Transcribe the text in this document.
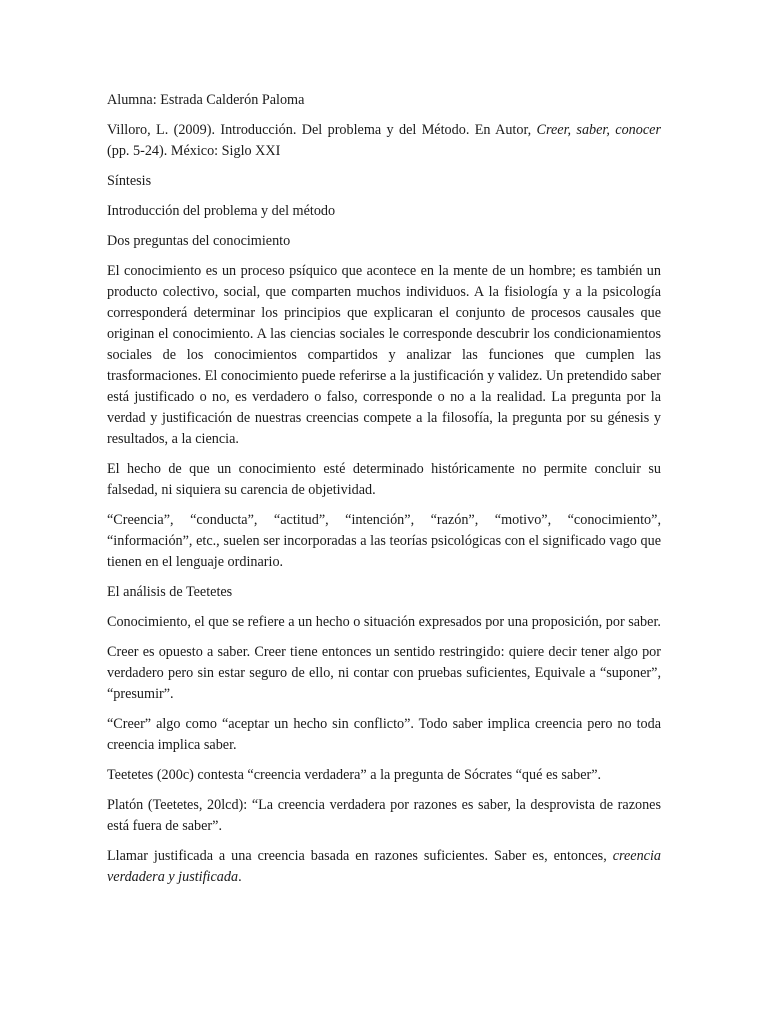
Alumna: Estrada Calderón Paloma

Villoro, L. (2009). Introducción. Del problema y del Método. En Autor, Creer, saber, conocer (pp. 5-24). México: Siglo XXI

Síntesis

Introducción del problema y del método

Dos preguntas del conocimiento

El conocimiento es un proceso psíquico que acontece en la mente de un hombre; es también un producto colectivo, social, que comparten muchos individuos. A la fisiología y a la psicología corresponderá determinar los principios que explicaran el conjunto de procesos causales que originan el conocimiento. A las ciencias sociales le corresponde descubrir los condicionamientos sociales de los conocimientos compartidos y analizar las funciones que cumplen las trasformaciones. El conocimiento puede referirse a la justificación y validez. Un pretendido saber está justificado o no, es verdadero o falso, corresponde o no a la realidad. La pregunta por la verdad y justificación de nuestras creencias compete a la filosofía, la pregunta por su génesis y resultados, a la ciencia.

El hecho de que un conocimiento esté determinado históricamente no permite concluir su falsedad, ni siquiera su carencia de objetividad.

“Creencia”, “conducta”, “actitud”, “intención”, “razón”, “motivo”, “conocimiento”, “información”, etc., suelen ser incorporadas a las teorías psicológicas con el significado vago que tienen en el lenguaje ordinario.

El análisis de Teetetes

Conocimiento, el que se refiere a un hecho o situación expresados por una proposición, por saber.

Creer es opuesto a saber. Creer tiene entonces un sentido restringido: quiere decir tener algo por verdadero pero sin estar seguro de ello, ni contar con pruebas suficientes, Equivale a “suponer”, “presumir”.

“Creer” algo como “aceptar un hecho sin conflicto”. Todo saber implica creencia pero no toda creencia implica saber.

Teetetes (200c) contesta “creencia verdadera” a la pregunta de Sócrates “qué es saber”.

Platón (Teetetes, 20lcd): “La creencia verdadera por razones es saber, la desprovista de razones está fuera de saber”.

Llamar justificada a una creencia basada en razones suficientes. Saber es, entonces, creencia verdadera y justificada.
